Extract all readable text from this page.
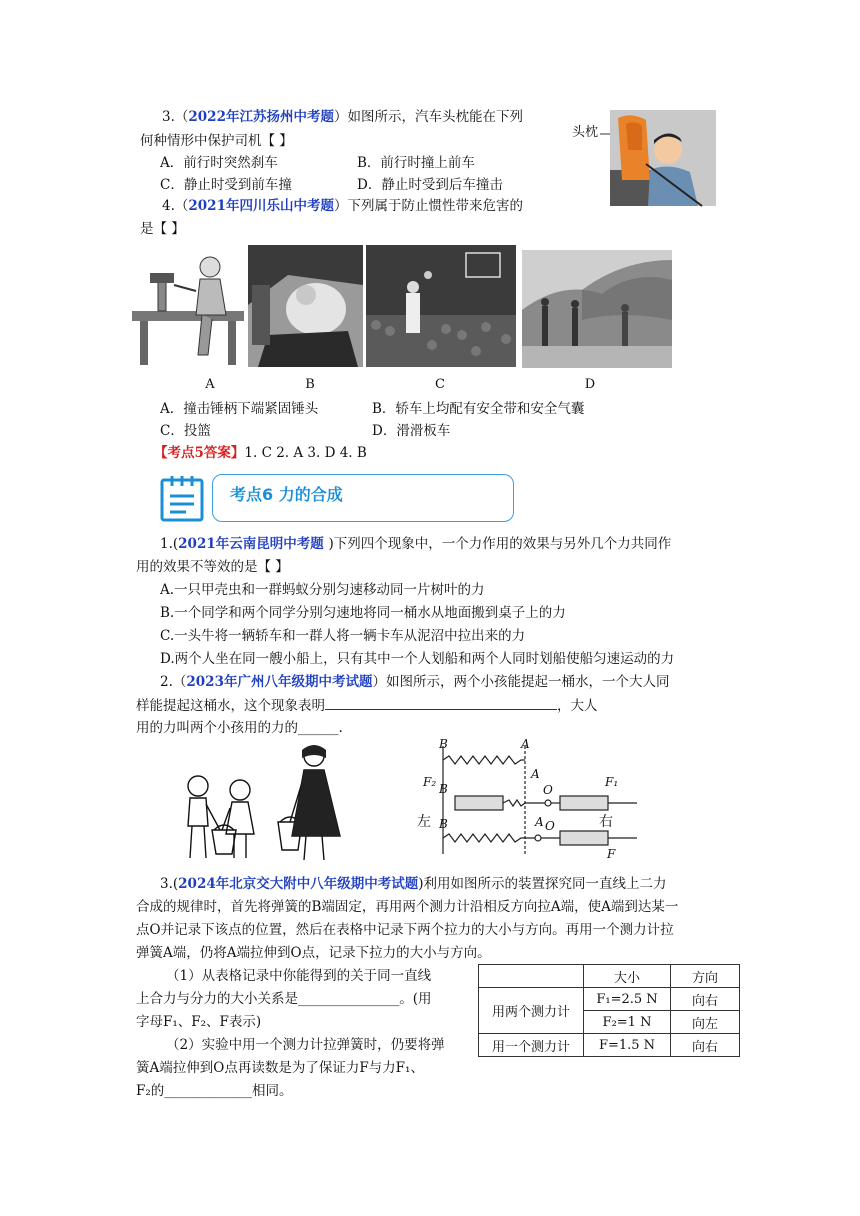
3.（2022年江苏扬州中考题）如图所示，汽车头枕能在下列
何种情形中保护司机【 】
A．前行时突然刹车	B．前行时撞上前车
C．静止时受到前车撞	D．静止时受到后车撞击
头枕
4.（2021年四川乐山中考题）下列属于防止惯性带来危害的
是【 】
A	B	C	D
A．撞击锤柄下端紧固锤头	B．轿车上均配有安全带和安全气囊
C．投篮	D．滑滑板车
【考点5答案】1. C 2. A 3. D 4. B
考点6 力的合成
1.(2021年云南昆明中考题 )下列四个现象中，一个力作用的效果与另外几个力共同作
用的效果不等效的是【 】
A.一只甲壳虫和一群蚂蚁分别匀速移动同一片树叶的力
B.一个同学和两个同学分别匀速地将同一桶水从地面搬到桌子上的力
C.一头牛将一辆轿车和一群人将一辆卡车从泥沼中拉出来的力
D.两个人坐在同一艘小船上，只有其中一个人划船和两个人同时划船使船匀速运动的力
2.（2023年广州八年级期中考试题）如图所示，两个小孩能提起一桶水，一个大人同
样能提起这桶水，这个现象表明	，大人
用的力叫两个小孩用的力的______.
B	A
B
A
O
F₂	F₁
B	A O
F
左	右
3.(2024年北京交大附中八年级期中考试题)利用如图所示的装置探究同一直线上二力
合成的规律时，首先将弹簧的B端固定，再用两个测力计沿相反方向拉A端，使A端到达某一
点O并记录下该点的位置，然后在表格中记录下两个拉力的大小与方向。再用一个测力计拉
弹簧A端，仍将A端拉伸到O点，记录下拉力的大小与方向。
（1）从表格记录中你能得到的关于同一直线
上合力与分力的大小关系是_______________。(用
字母F₁、F₂、F表示)
（2）实验中用一个测力计拉弹簧时，仍要将弹
簧A端拉伸到O点再读数是为了保证力F与力F₁、
F₂的_____________相同。
	大小	方向
用两个测力计	F₁=2.5 N	向右
	F₂=1 N	向左
用一个测力计	F=1.5 N	向右
